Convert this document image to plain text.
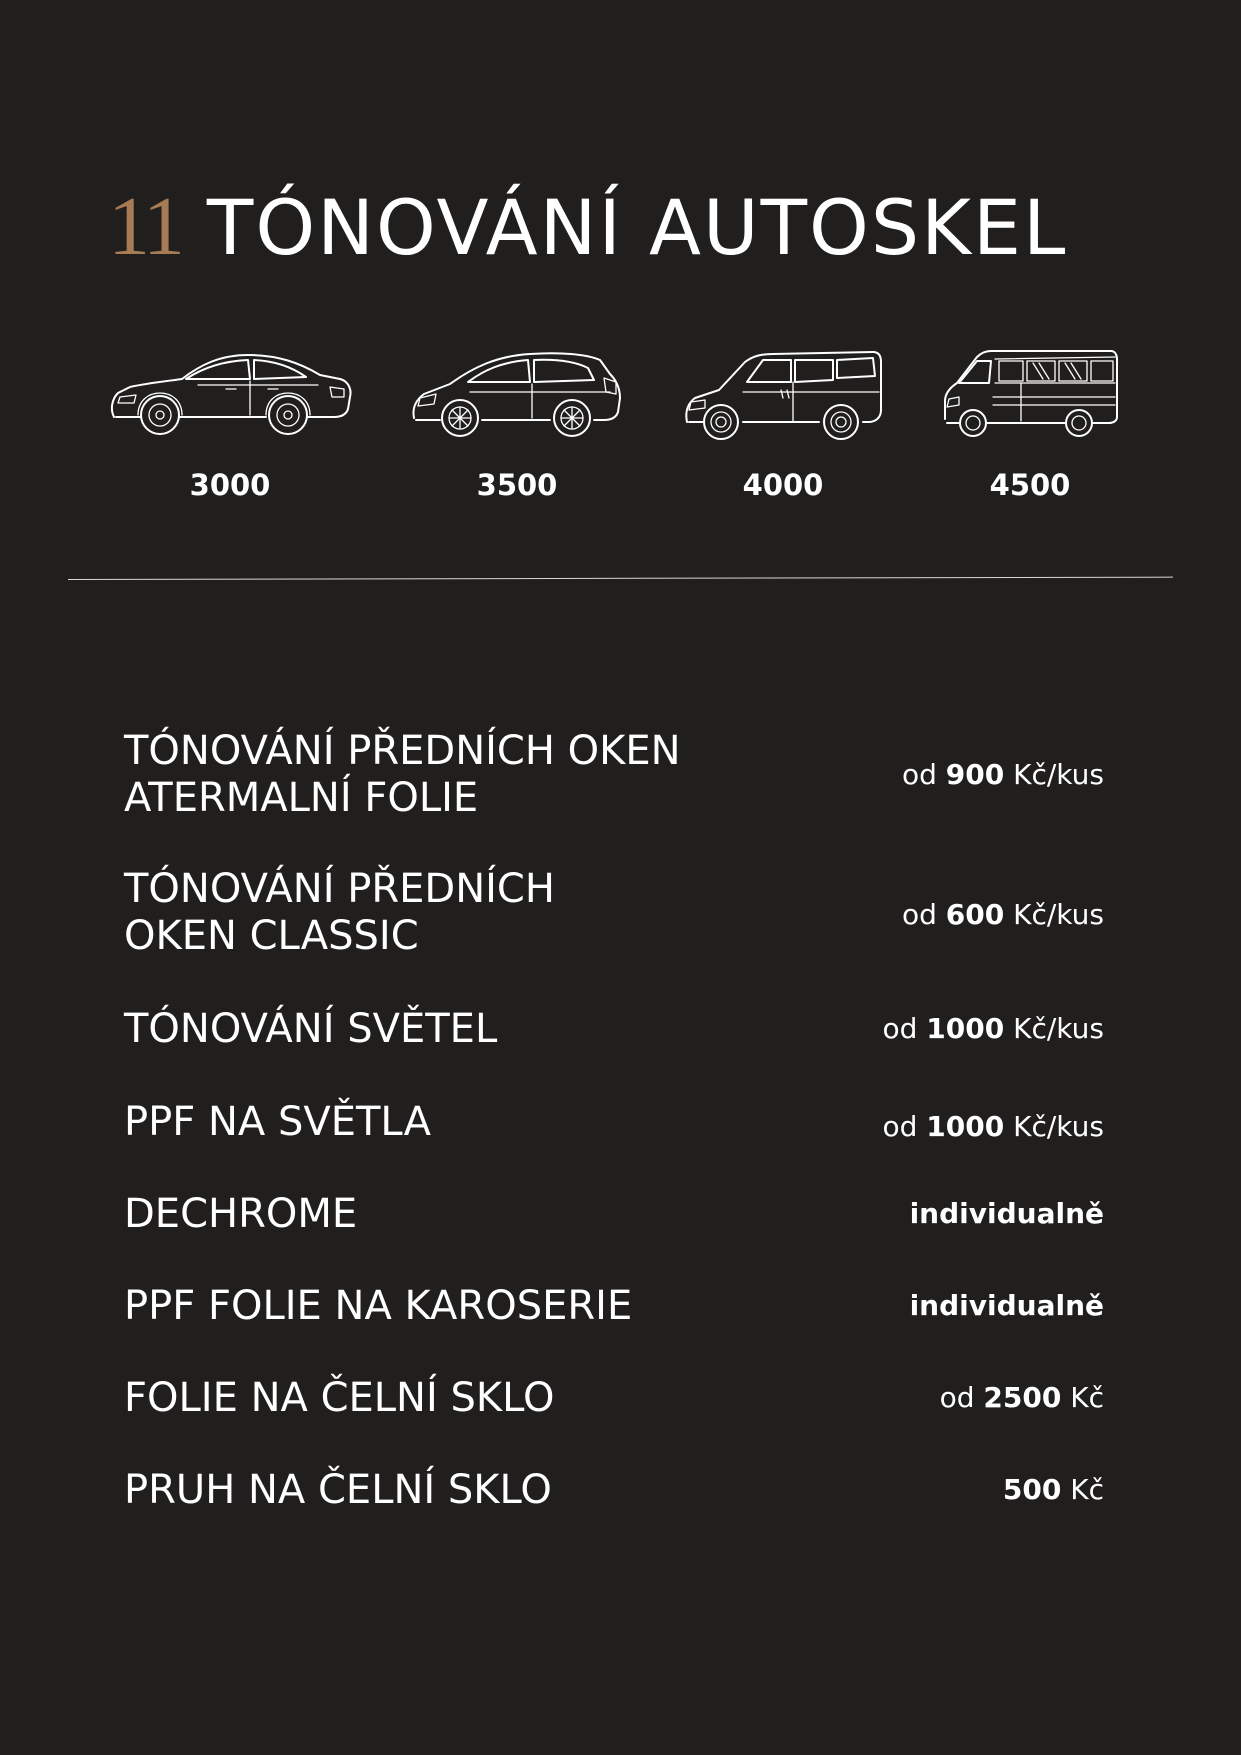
11 TÓNOVÁNÍ AUTOSKEL
3000	3500	4000	4500
TÓNOVÁNÍ PŘEDNÍCH OKEN
ATERMALNÍ FOLIE
od 900 Kč/kus
TÓNOVÁNÍ PŘEDNÍCH
OKEN CLASSIC	od 600 Kč/kus
TÓNOVÁNÍ SVĚTEL	od 1000 Kč/kus
PPF NA SVĚTLA	od 1000 Kč/kus
DECHROME	individualně
PPF FOLIE NA KAROSERIE	individualně
FOLIE NA ČELNÍ SKLO	od 2500 Kč
PRUH NA ČELNÍ SKLO	500 Kč
